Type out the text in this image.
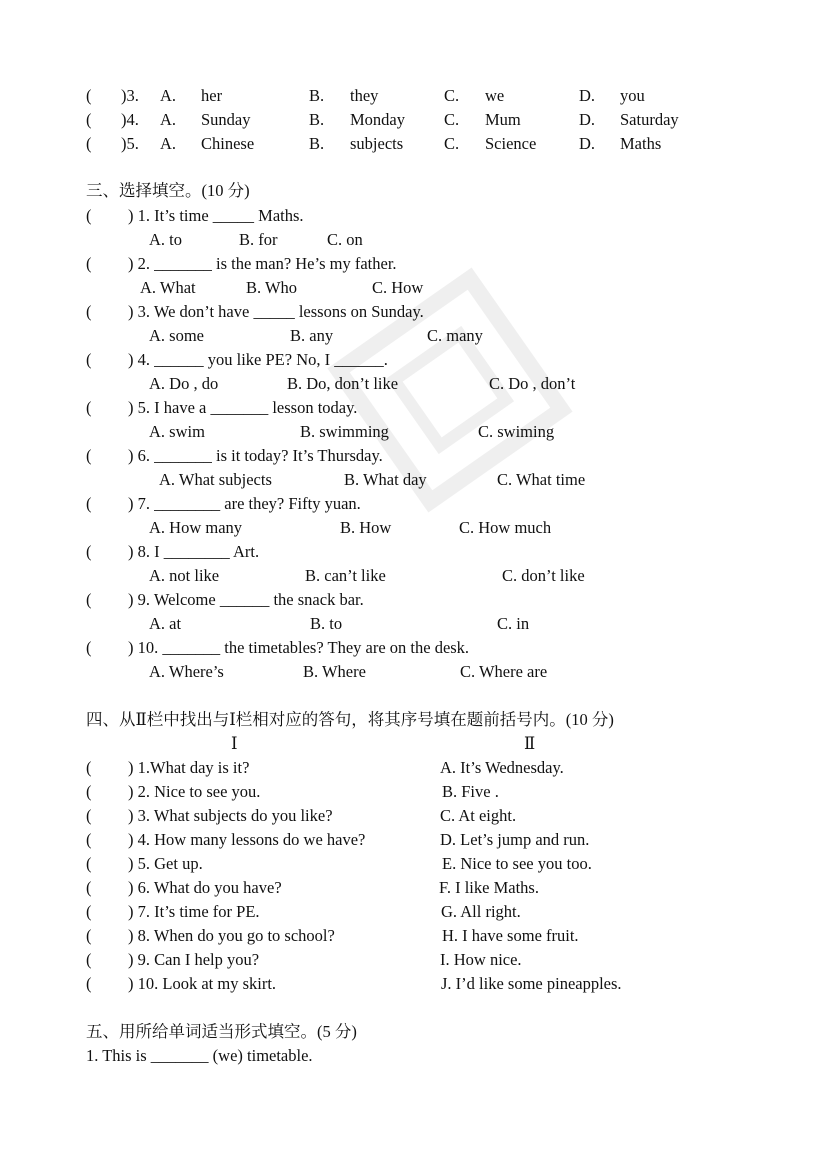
( )3. A. her	B. they	C. we	D. you
( )4. A. Sunday	B. Monday C. Mum	D. Saturday
( )5. A. Chinese	B. subjects C. Science	D. Maths
三、选择填空。(10 分)
( ) 1. It’s time _____ Maths.
A. to	B. for	C. on
( ) 2. _______ is the man? He’s my father.
A. What	B. Who	C. How
( ) 3. We don’t have _____ lessons on Sunday.
A. some	B. any	C. many
( ) 4. ______ you like PE? No, I ______.
A. Do , do	B. Do, don’t like	C. Do , don’t
( ) 5. I have a _______ lesson today.
A. swim	B. swimming	C. swiming
( ) 6. _______ is it today? It’s Thursday.
A. What subjects	B. What day	C. What time
( ) 7. ________ are they? Fifty yuan.
A. How many	B. How	C. How much
( ) 8. I ________ Art.
A. not like	B. can’t like	C. don’t like
( ) 9. Welcome ______ the snack bar.
A. at	B. to	C. in
( ) 10. _______ the timetables? They are on the desk.
A. Where’s	B. Where	C. Where are
四、从Ⅱ栏中找出与Ⅰ栏相对应的答句，将其序号填在题前括号内。(10 分)
Ⅰ	Ⅱ
( ) 1.What day is it?	A. It’s Wednesday.
( ) 2. Nice to see you.	B. Five .
( ) 3. What subjects do you like?	C. At eight.
( ) 4. How many lessons do we have?	D. Let’s jump and run.
( ) 5. Get up.	E. Nice to see you too.
( ) 6. What do you have?	F. I like Maths.
( ) 7. It’s time for PE.	G. All right.
( ) 8. When do you go to school?	H. I have some fruit.
( ) 9. Can I help you?	I. How nice.
( ) 10. Look at my skirt.	J. I’d like some pineapples.
五、用所给单词适当形式填空。(5 分)
1. This is _______ (we) timetable.
